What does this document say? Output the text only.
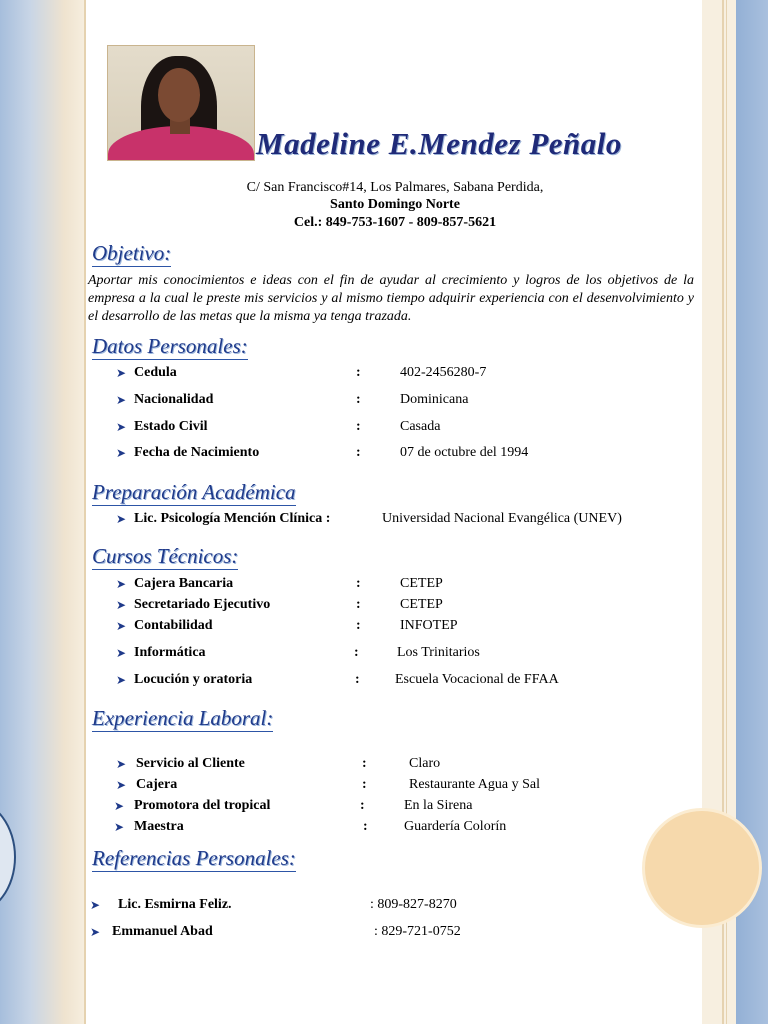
Madeline E.Mendez Peñalo
C/ San Francisco#14, Los Palmares, Sabana Perdida,
Santo Domingo Norte
Cel.: 849-753-1607 - 809-857-5621
Objetivo:

Aportar mis conocimientos e ideas con el fin de ayudar al crecimiento y logros de los objetivos de la empresa a la cual le preste mis servicios y al mismo tiempo adquirir experiencia con el desenvolvimiento y el desarrollo de las metas que la misma ya tenga trazada.

Datos Personales:
➤ Cedula	:	402-2456280-7
➤ Nacionalidad	:	Dominicana
➤ Estado Civil	:	Casada
➤ Fecha de Nacimiento	:	07 de octubre del 1994
Preparación Académica
➤ Lic. Psicología Mención Clínica :	Universidad Nacional Evangélica (UNEV)
Cursos Técnicos:
➤ Cajera Bancaria	:	CETEP
➤ Secretariado Ejecutivo	:	CETEP
➤ Contabilidad	:	INFOTEP
➤ Informática	:	Los Trinitarios
➤ Locución y oratoria	:	Escuela Vocacional de FFAA
Experiencia Laboral:
➤ Servicio al Cliente	:	Claro
➤ Cajera	:	Restaurante Agua y Sal
➤ Promotora del tropical	:	En la Sirena
➤ Maestra	:	Guardería Colorín
Referencias Personales:
➤ Lic. Esmirna Feliz.	: 809-827-8270
➤ Emmanuel Abad	: 829-721-0752
